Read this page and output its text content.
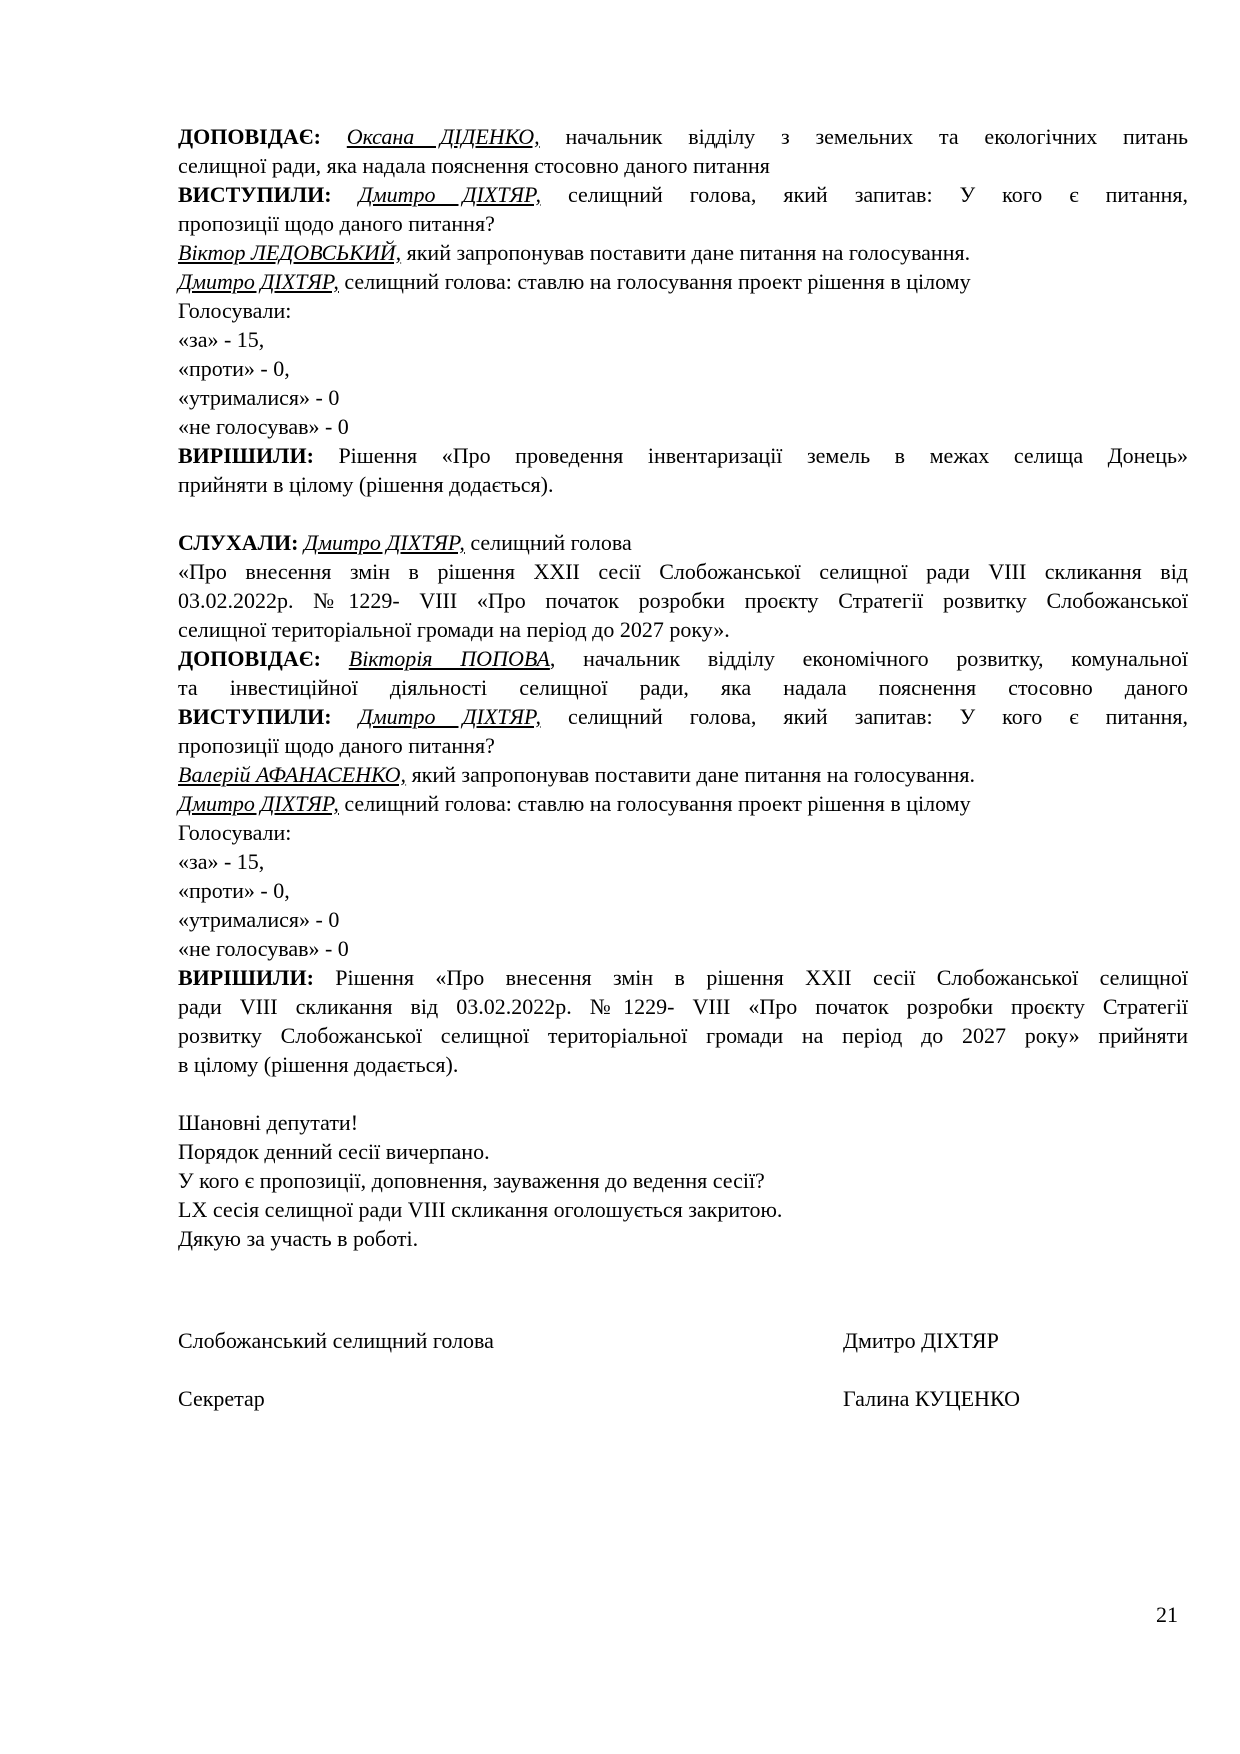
ДОПОВІДАЄ: Оксана ДІДЕНКО, начальник відділу з земельних та екологічних питань
селищної ради, яка надала пояснення стосовно даного питання
ВИСТУПИЛИ: Дмитро ДІХТЯР, селищний голова, який запитав: У кого є питання,
пропозиції щодо даного питання?
Віктор ЛЕДОВСЬКИЙ, який запропонував поставити дане питання на голосування.
Дмитро ДІХТЯР, селищний голова: ставлю на голосування проект рішення в цілому
Голосували:
«за» - 15,
«проти» - 0,
«утрималися» - 0
«не голосував» - 0
ВИРІШИЛИ: Рішення «Про проведення інвентаризації земель в межах селища Донець»
прийняти в цілому (рішення додається).
СЛУХАЛИ: Дмитро ДІХТЯР, селищний голова
«Про внесення змін в рішення ХХІІ сесії Слобожанської селищної ради VIII скликання від
03.02.2022р. №1229- VIII «Про початок розробки проєкту Стратегії розвитку Слобожанської
селищної територіальної громади на період до 2027 року».
ДОПОВІДАЄ: Вікторія ПОПОВА, начальник відділу економічного розвитку, комунальної
та інвестиційної діяльності селищної ради, яка надала пояснення стосовно даного
ВИСТУПИЛИ: Дмитро ДІХТЯР, селищний голова, який запитав: У кого є питання,
пропозиції щодо даного питання?
Валерій АФАНАСЕНКО, який запропонував поставити дане питання на голосування.
Дмитро ДІХТЯР, селищний голова: ставлю на голосування проект рішення в цілому
Голосували:
«за» - 15,
«проти» - 0,
«утрималися» - 0
«не голосував» - 0
ВИРІШИЛИ: Рішення «Про внесення змін в рішення ХХІІ сесії Слобожанської селищної
ради VIII скликання від 03.02.2022р. №1229- VIII «Про початок розробки проєкту Стратегії
розвитку Слобожанської селищної територіальної громади на період до 2027 року» прийняти
в цілому (рішення додається).
Шановні депутати!
Порядок денний сесії вичерпано.
У кого є пропозиції, доповнення, зауваження до ведення сесії?
LX сесія селищної ради VIII скликання оголошується закритою.
Дякую за участь в роботі.
Слобожанський селищний голова	Дмитро ДІХТЯР
Секретар	Галина КУЦЕНКО
21
